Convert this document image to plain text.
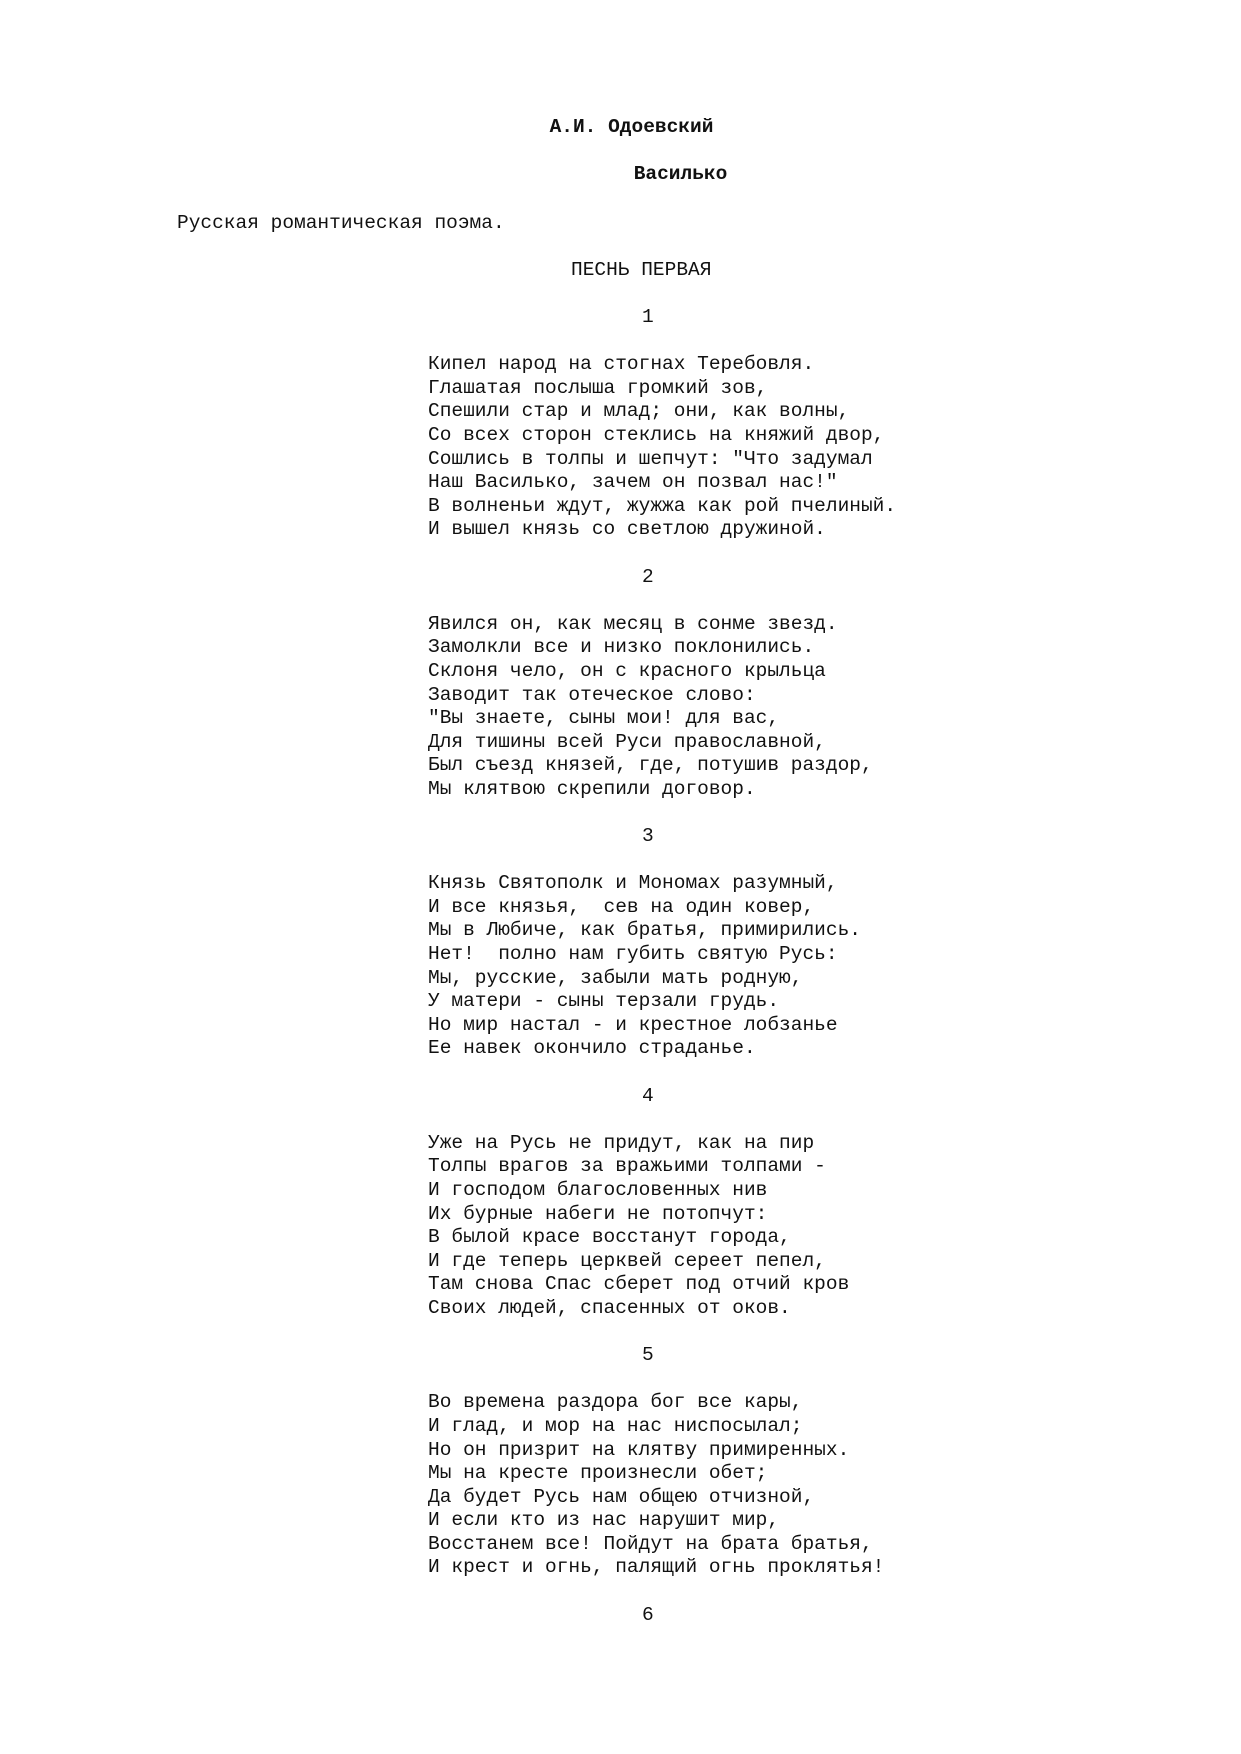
А.И. Одоевский
Василько
Русская романтическая поэма.
ПЕСНЬ ПЕРВАЯ
1
Кипел народ на стогнах Теребовля.
Глашатая послыша громкий зов,
Спешили стар и млад; они, как волны,
Со всех сторон стеклись на княжий двор,
Сошлись в толпы и шепчут: "Что задумал
Наш Василько, зачем он позвал нас!"
В волненьи ждут, жужжа как рой пчелиный.
И вышел князь со светлою дружиной.
2
Явился он, как месяц в сонме звезд.
Замолкли все и низко поклонились.
Склоня чело, он с красного крыльца
Заводит так отеческое слово:
"Вы знаете, сыны мои! для вас,
Для тишины всей Руси православной,
Был съезд князей, где, потушив раздор,
Мы клятвою скрепили договор.
3
Князь Святополк и Мономах разумный,
И все князья,  сев на один ковер,
Мы в Любиче, как братья, примирились.
Нет!  полно нам губить святую Русь:
Мы, русские, забыли мать родную,
У матери - сыны терзали грудь.
Но мир настал - и крестное лобзанье
Ее навек окончило страданье.
4
Уже на Русь не придут, как на пир
Толпы врагов за вражьими толпами -
И господом благословенных нив
Их бурные набеги не потопчут:
В былой красе восстанут города,
И где теперь церквей сереет пепел,
Там снова Спас сберет под отчий кров
Своих людей, спасенных от оков.
5
Во времена раздора бог все кары,
И глад, и мор на нас ниспосылал;
Но он призрит на клятву примиренных.
Мы на кресте произнесли обет;
Да будет Русь нам общею отчизной,
И если кто из нас нарушит мир,
Восстанем все! Пойдут на брата братья,
И крест и огнь, палящий огнь проклятья!
6
